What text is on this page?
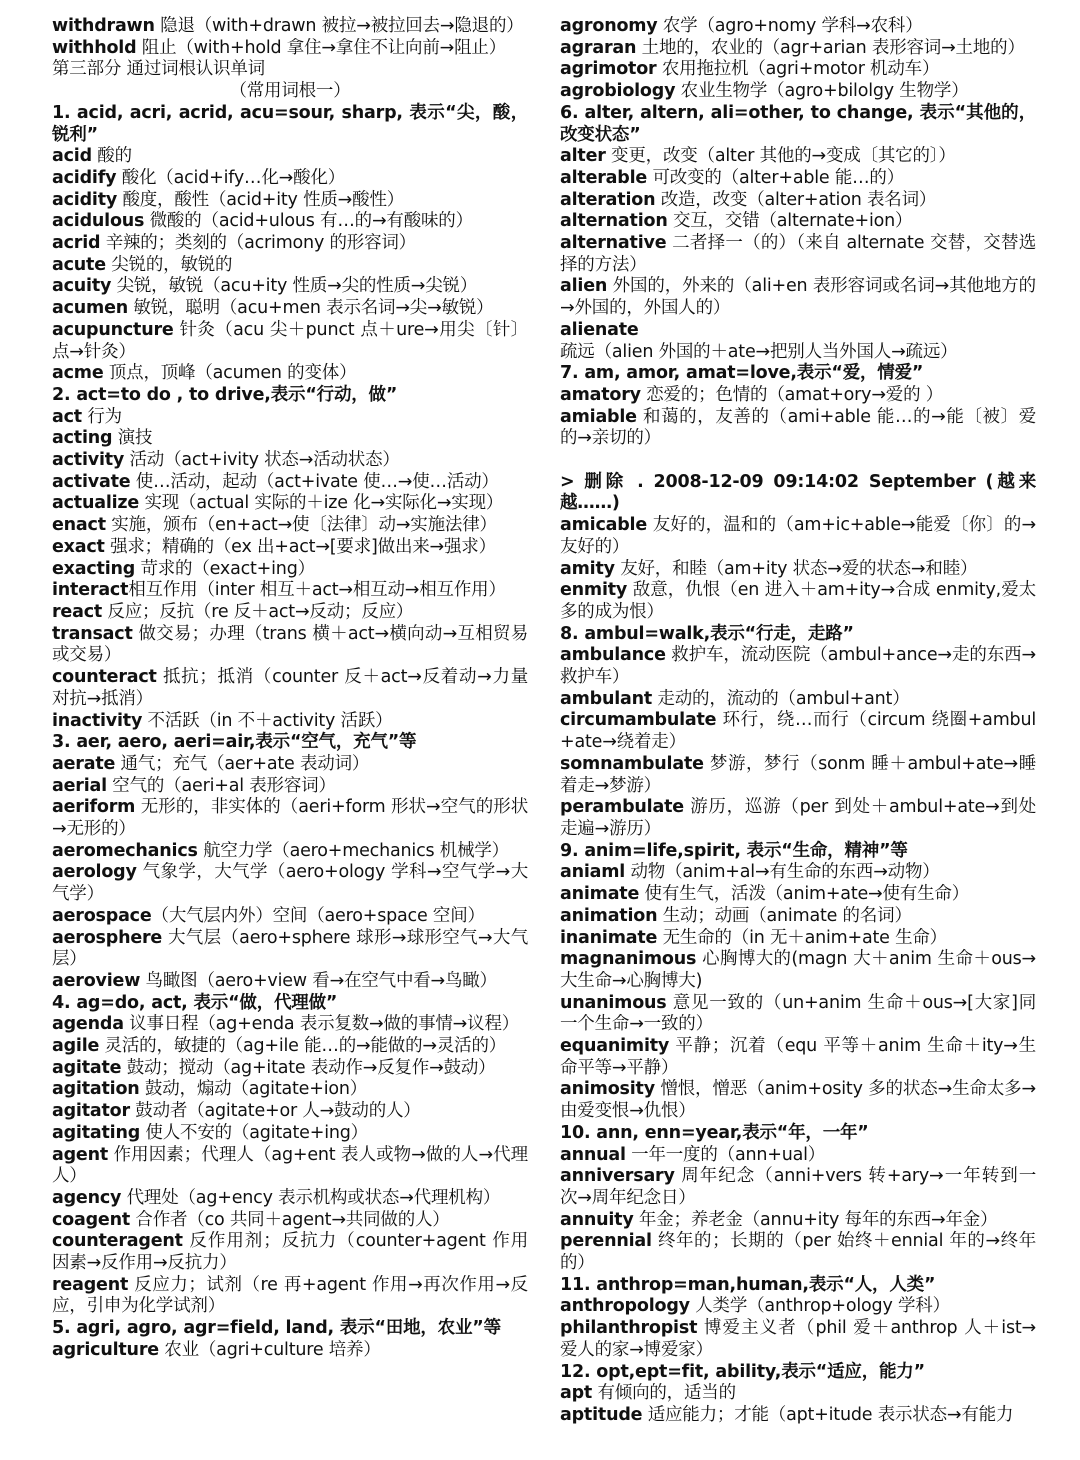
withdrawn 隐退（with+drawn 被拉→被拉回去→隐退的）

withhold 阻止（with+hold 拿住→拿住不让向前→阻止）

第三部分 通过词根认识单词

（常用词根一）

1. acid, acri, acrid, acu=sour, sharp, 表示“尖，酸，锐利”

acid 酸的

acidify 酸化（acid+ify…化→酸化）

acidity 酸度，酸性（acid+ity 性质→酸性）

acidulous 微酸的（acid+ulous 有…的→有酸味的）

acrid 辛辣的；类刻的（acrimony 的形容词）

acute 尖锐的，敏锐的

acuity 尖锐，敏锐（acu+ity 性质→尖的性质→尖锐）

acumen 敏锐，聪明（acu+men 表示名词→尖→敏锐）

acupuncture 针灸（acu 尖＋punct 点＋ure→用尖〔针〕点→针灸）

acme 顶点，顶峰（acumen 的变体）

2. act=to do , to drive,表示“行动，做”

act 行为

acting 演技

activity 活动（act+ivity 状态→活动状态）

activate 使…活动，起动（act+ivate 使…→使…活动）

actualize 实现（actual 实际的＋ize 化→实际化→实现）

enact 实施，颁布（en+act→使〔法律〕动→实施法律）

exact 强求；精确的（ex 出+act→[要求]做出来→强求）

exacting 苛求的（exact+ing）

interact相互作用（inter 相互＋act→相互动→相互作用）

react 反应；反抗（re 反＋act→反动；反应）

transact 做交易；办理（trans 横＋act→横向动→互相贸易或交易）

counteract 抵抗；抵消（counter 反＋act→反着动→力量对抗→抵消）

inactivity 不活跃（in 不＋activity 活跃）

3. aer, aero, aeri=air,表示“空气，充气”等

aerate 通气；充气（aer+ate 表动词）

aerial 空气的（aeri+al 表形容词）

aeriform 无形的，非实体的（aeri+form 形状→空气的形状→无形的）

aeromechanics 航空力学（aero+mechanics 机械学）

aerology 气象学，大气学（aero+ology 学科→空气学→大气学）

aerospace（大气层内外）空间（aero+space 空间）

aerosphere 大气层（aero+sphere 球形→球形空气→大气层）

aeroview 鸟瞰图（aero+view 看→在空气中看→鸟瞰）

4. ag=do, act, 表示“做，代理做”

agenda 议事日程（ag+enda 表示复数→做的事情→议程）

agile 灵活的，敏捷的（ag+ile 能…的→能做的→灵活的）

agitate 鼓动；搅动（ag+itate 表动作→反复作→鼓动）

agitation 鼓动，煽动（agitate+ion）

agitator 鼓动者（agitate+or 人→鼓动的人）

agitating 使人不安的（agitate+ing）

agent 作用因素；代理人（ag+ent 表人或物→做的人→代理人）

agency 代理处（ag+ency 表示机构或状态→代理机构）

coagent 合作者（co 共同＋agent→共同做的人）

counteragent 反作用剂；反抗力（counter+agent 作用因素→反作用→反抗力）

reagent 反应力；试剂（re 再+agent 作用→再次作用→反应，引申为化学试剂）

5. agri, agro, agr=field, land, 表示“田地，农业”等

agriculture 农业（agri+culture 培养）

agronomy 农学（agro+nomy 学科→农科）

agraran 土地的，农业的（agr+arian 表形容词→土地的）

agrimotor 农用拖拉机（agri+motor 机动车）

agrobiology 农业生物学（agro+bilolgy 生物学）

6. alter, altern, ali=other, to change, 表示“其他的，改变状态”

alter 变更，改变（alter 其他的→变成〔其它的〕）

alterable 可改变的（alter+able 能…的）

alteration 改造，改变（alter+ation 表名词）

alternation 交互，交错（alternate+ion）

alternative 二者择一（的）（来自 alternate 交替，交替选择的方法）

alien 外国的，外来的（ali+en 表形容词或名词→其他地方的→外国的，外国人的）

alienate 疏远（alien 外国的＋ate→把别人当外国人→疏远）

7. am, amor, amat=love,表示“爱，情爱”

amatory 恋爱的；色情的（amat+ory→爱的 ）

amiable 和蔼的，友善的（ami+able 能…的→能〔被〕爱的→亲切的）

> 删除 . 2008-12-09 09:14:02 September (越来越……)

amicable 友好的，温和的（am+ic+able→能爱〔你〕的→友好的）

amity 友好，和睦（am+ity 状态→爱的状态→和睦）

enmity 敌意，仇恨（en 进入＋am+ity→合成 enmity,爱太多的成为恨）

8. ambul=walk,表示“行走，走路”

ambulance 救护车，流动医院（ambul+ance→走的东西→救护车）

ambulant 走动的，流动的（ambul+ant）

circumambulate 环行，绕…而行（circum 绕圈+ambul+ate→绕着走）

somnambulate 梦游，梦行（sonm 睡＋ambul+ate→睡着走→梦游）

perambulate 游历，巡游（per 到处＋ambul+ate→到处走遍→游历）

9. anim=life,spirit, 表示“生命，精神”等

aniaml 动物（anim+al→有生命的东西→动物）

animate 使有生气，活泼（anim+ate→使有生命）

animation 生动；动画（animate 的名词）

inanimate 无生命的（in 无＋anim+ate 生命）

magnanimous 心胸博大的(magn 大＋anim 生命＋ous→大生命→心胸博大)

unanimous 意见一致的（un+anim 生命＋ous→[大家]同一个生命→一致的）

equanimity 平静；沉着（equ 平等＋anim 生命＋ity→生命平等→平静）

animosity 憎恨，憎恶（anim+osity 多的状态→生命太多→由爱变恨→仇恨）

10. ann, enn=year,表示“年，一年”

annual 一年一度的（ann+ual）

anniversary 周年纪念（anni+vers 转+ary→一年转到一次→周年纪念日）

annuity 年金；养老金（annu+ity 每年的东西→年金）

perennial 终年的；长期的（per 始终＋ennial 年的→终年的）

11. anthrop=man,human,表示“人，人类”

anthropology 人类学（anthrop+ology 学科）

philanthropist 博爱主义者（phil 爱＋anthrop 人＋ist→爱人的家→博爱家）

12. opt,ept=fit, ability,表示“适应，能力”

apt 有倾向的，适当的

aptitude 适应能力；才能（apt+itude 表示状态→有能力
